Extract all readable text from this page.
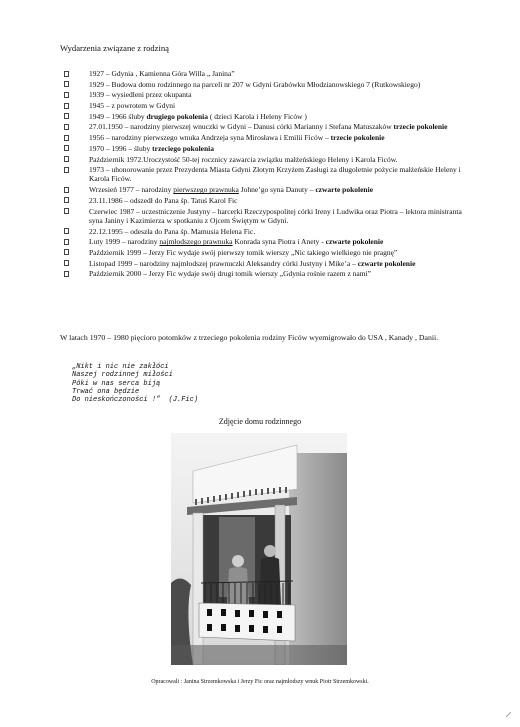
Wydarzenia związane z rodziną
1927 – Gdynia , Kamienna Góra Willa „ Janina”
1929 – Budowa domu rodzinnego na parceli nr 207 w Gdyni Grabówku Młodzianowskiego 7 (Rutkowskiego)
1939 – wysiedleni przez okupanta
1945 – z powrotem w Gdyni
1949 – 1966 śluby drugiego pokolenia ( dzieci Karola i Heleny Ficów )
27.01.1950 – narodziny pierwszej wnuczki w Gdyni – Danusi córki Marianny i Stefana Matuszaków trzecie pokolenie
1956 – narodziny pierwszego wnuka Andrzeja syna Mirosława i Emilii Ficów – trzecie pokolenie
1970 – 1996 – śluby trzeciego pokolenia
Październik 1972.Uroczystość 50-tej rocznicy zawarcia związku małżeńskiego Heleny i Karola Ficów.
1973 – uhonorowanie przez Prezydenta Miasta Gdyni Złotym Krzyżem Zasługi za długoletnie pożycie małżeńskie Heleny i Karola Ficów.
Wrzesień 1977 – narodziny pierwszego prawnuka Johne’go syna Danuty – czwarte pokolenie
23.11.1986 – odszedł do Pana śp. Tatuś Karol Fic
Czerwiec 1987 – uczestniczenie Justyny – harcerki Rzeczypospolitej córki Ireny i Ludwika oraz Piotra – lektora ministranta syna Janiny i Kazimierza w spotkaniu z Ojcem Świętym w Gdyni.
22.12.1995 – odeszła do Pana śp. Mamusia Helena Fic.
Luty 1999 – narodziny najmłodszego prawnuka Konrada syna Piotra i Anety - czwarte pokolenie
Październik 1999 – Jerzy Fic wydaje swój pierwszy tomik wierszy „Nic takiego wielkiego nie pragnę”
Listopad 1999 – narodziny najmłodszej prawnuczki Aleksandry córki Justyny i Mike’a – czwarte pokolenie
Październik 2000 – Jerzy Fic wydaje swój drugi tomik wierszy „Gdynia rośnie razem z nami”
W latach 1970 – 1980 pięcioro potomków z trzeciego pokolenia rodziny Ficów wyemigrowało do USA , Kanady , Danii.
„Nikt i nic nie zakłóci
Naszej rodzinnej miłości
Póki w nas serca biją
Trwać ona będzie
Do nieskończoności !”  (J.Fic)
Zdjęcie domu rodzinnego
Opracowali : Janina Strzemkowska i Jerzy Fic oraz najmłodszy wnuk Piotr Strzemkowski.
